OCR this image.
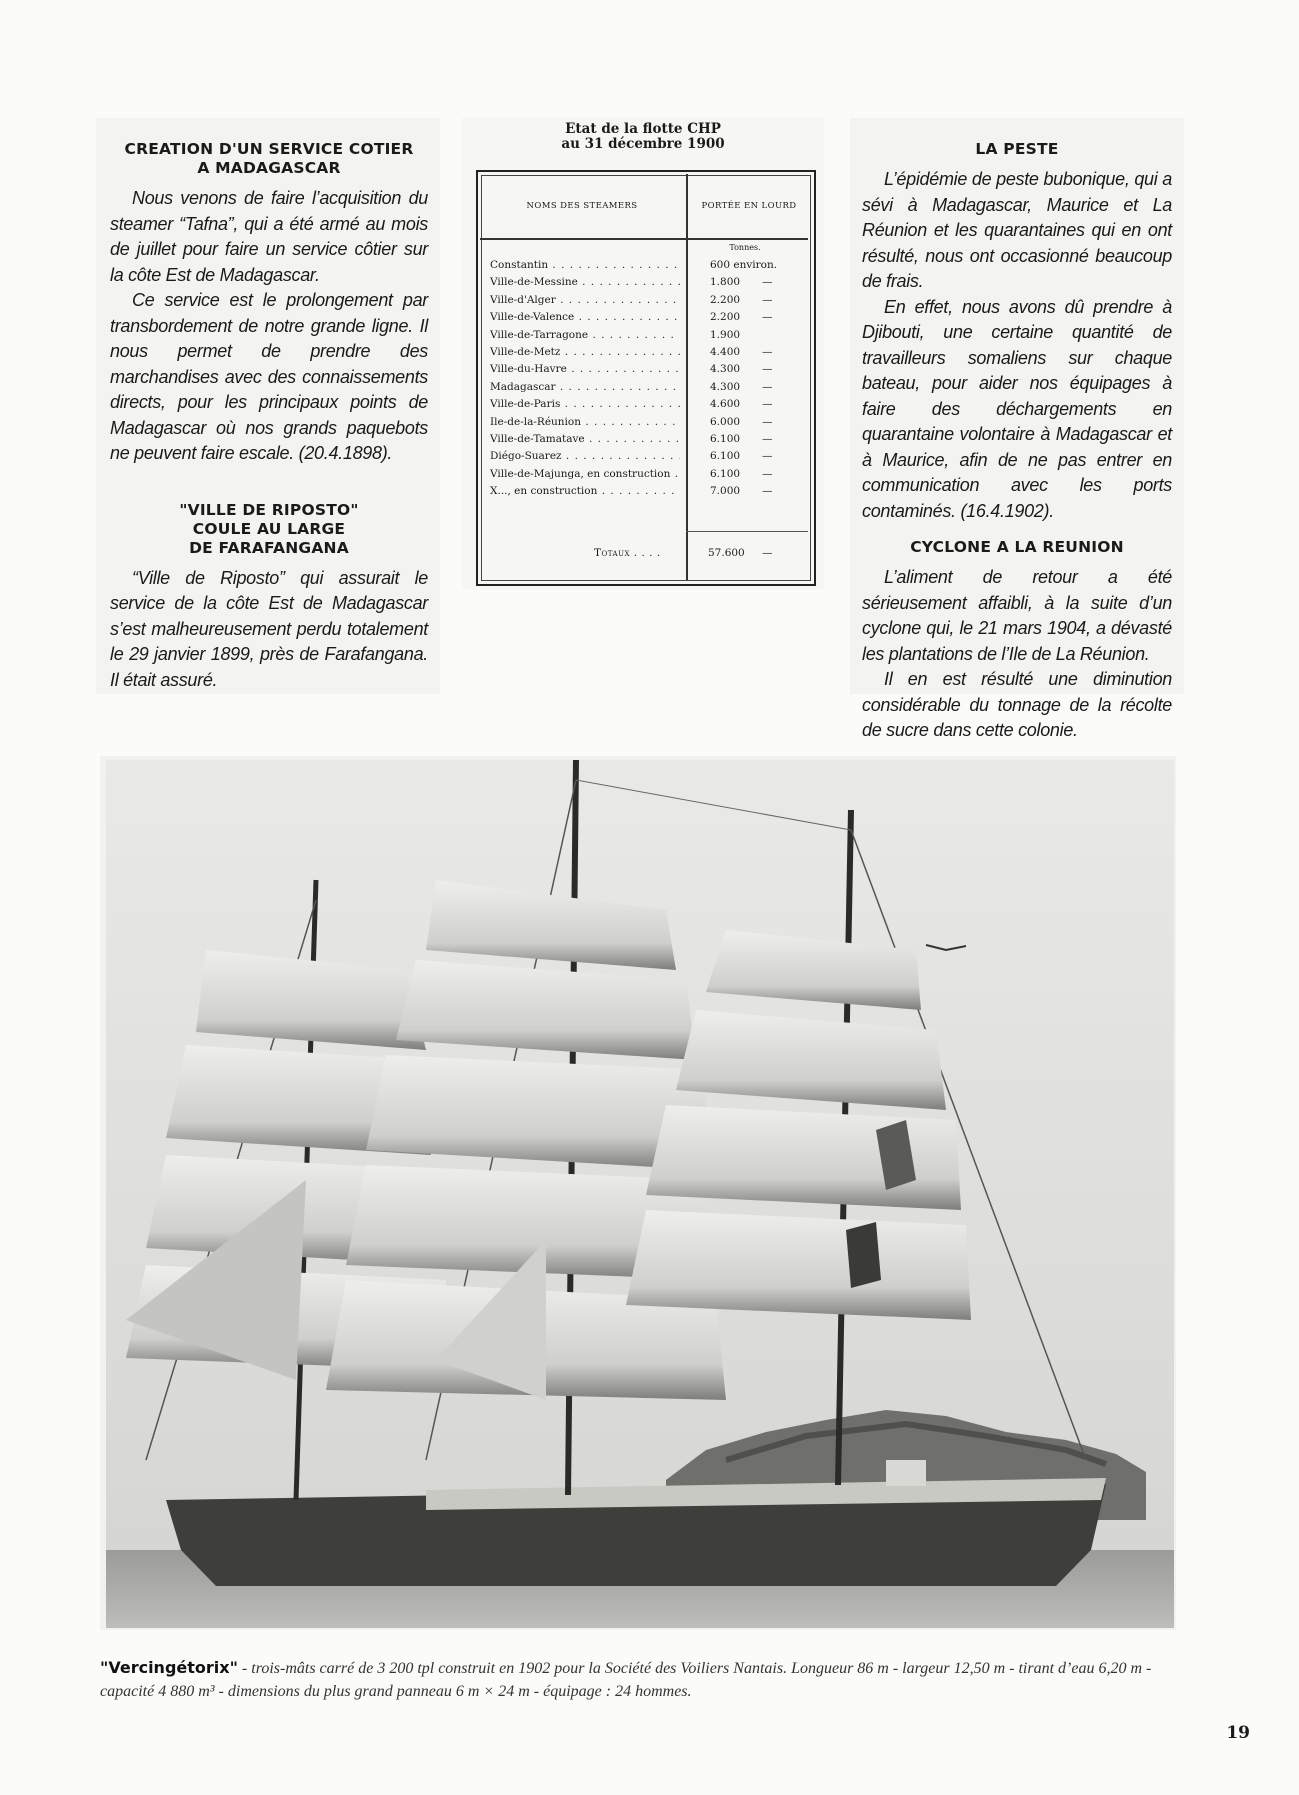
CREATION D'UN SERVICE COTIER
A MADAGASCAR

Nous venons de faire l’acquisition du steamer “Tafna”, qui a été armé au mois de juillet pour faire un service côtier sur la côte Est de Madagascar.

Ce service est le prolongement par transbordement de notre grande ligne. Il nous permet de prendre des marchandises avec des connaissements directs, pour les principaux points de Madagascar où nos grands paquebots ne peuvent faire escale. (20.4.1898).

"VILLE DE RIPOSTO"
COULE AU LARGE
DE FARAFANGANA

“Ville de Riposto” qui assurait le service de la côte Est de Madagascar s’est malheureusement perdu totalement le 29 janvier 1899, près de Farafangana. Il était assuré.

Etat de la flotte CHP
au 31 décembre 1900
NOMS DES STEAMERS	PORTÉE EN LOURD
Tonnes.
Constantin . . .	600 environ.
Ville-de-Messine . . .	1.800 —
Ville-d'Alger . . .	2.200 —
Ville-de-Valence . . .	2.200 —
Ville-de-Tarragone . . .	1.900
Ville-de-Metz . . .	4.400 —
Ville-du-Havre . . .	4.300 —
Madagascar . . .	4.300 —
Ville-de-Paris . . .	4.600 —
Ile-de-la-Réunion . . .	6.000 —
Ville-de-Tamatave . . .	6.100 —
Diégo-Suarez . . .	6.100 —
Ville-de-Majunga, en construction . . .	6.100 —
X..., en construction . . .	7.000 —
Totaux . . . .	57.600 —
LA PESTE

L’épidémie de peste bubonique, qui a sévi à Madagascar, Maurice et La Réunion et les quarantaines qui en ont résulté, nous ont occasionné beaucoup de frais.

En effet, nous avons dû prendre à Djibouti, une certaine quantité de travailleurs somaliens sur chaque bateau, pour aider nos équipages à faire des déchargements en quarantaine volontaire à Madagascar et à Maurice, afin de ne pas entrer en communication avec les ports contaminés. (16.4.1902).

CYCLONE A LA REUNION

L’aliment de retour a été sérieusement affaibli, à la suite d’un cyclone qui, le 21 mars 1904, a dévasté les plantations de l’Ile de La Réunion.

Il en est résulté une diminution considérable du tonnage de la récolte de sucre dans cette colonie.

"Vercingétorix" - trois-mâts carré de 3 200 tpl construit en 1902 pour la Société des Voiliers Nantais. Longueur 86 m - largeur 12,50 m - tirant d’eau 6,20 m - capacité 4 880 m³ - dimensions du plus grand panneau 6 m × 24 m - équipage : 24 hommes.
19
